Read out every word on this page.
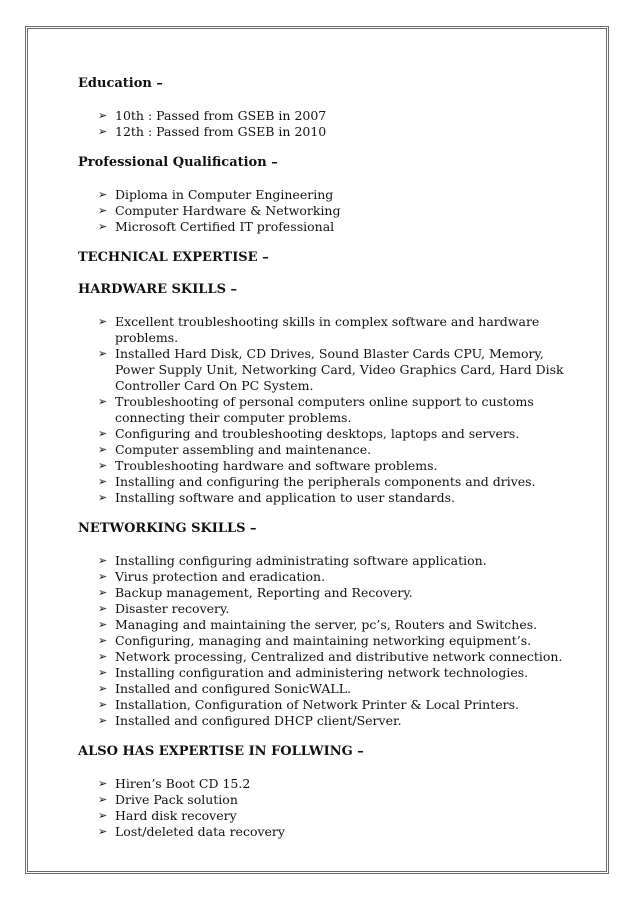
Education –
➢ 10th : Passed from GSEB in 2007
➢ 12th : Passed from GSEB in 2010
Professional Qualification –
➢ Diploma in Computer Engineering
➢ Computer Hardware & Networking
➢ Microsoft Certified IT professional
TECHNICAL EXPERTISE –
HARDWARE SKILLS –
➢ Excellent troubleshooting skills in complex software and hardware problems.
➢ Installed Hard Disk, CD Drives, Sound Blaster Cards CPU, Memory, Power Supply Unit, Networking Card, Video Graphics Card, Hard Disk Controller Card On PC System.
➢ Troubleshooting of personal computers online support to customs connecting their computer problems.
➢ Configuring and troubleshooting desktops, laptops and servers.
➢ Computer assembling and maintenance.
➢ Troubleshooting hardware and software problems.
➢ Installing and configuring the peripherals components and drives.
➢ Installing software and application to user standards.
NETWORKING SKILLS –
➢ Installing configuring administrating software application.
➢ Virus protection and eradication.
➢ Backup management, Reporting and Recovery.
➢ Disaster recovery.
➢ Managing and maintaining the server, pc’s, Routers and Switches.
➢ Configuring, managing and maintaining networking equipment’s.
➢ Network processing, Centralized and distributive network connection.
➢ Installing configuration and administering network technologies.
➢ Installed and configured SonicWALL.
➢ Installation, Configuration of Network Printer & Local Printers.
➢ Installed and configured DHCP client/Server.
ALSO HAS EXPERTISE IN FOLLWING –
➢ Hiren’s Boot CD 15.2
➢ Drive Pack solution
➢ Hard disk recovery
➢ Lost/deleted data recovery
